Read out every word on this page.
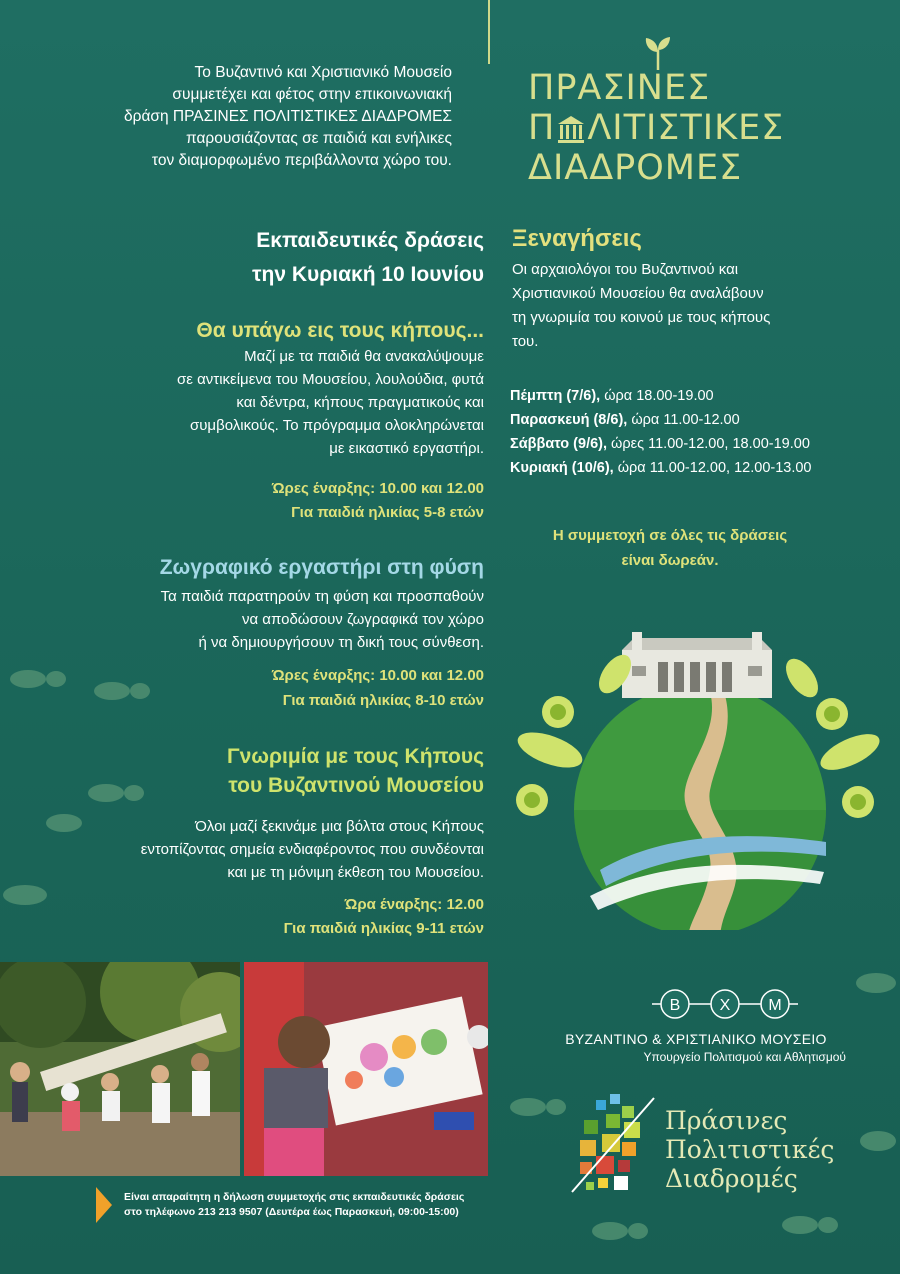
Το Βυζαντινό και Χριστιανικό Μουσείο
συμμετέχει και φέτος στην επικοινωνιακή
δράση ΠΡΑΣΙΝΕΣ ΠΟΛΙΤΙΣΤΙΚΕΣ ΔΙΑΔΡΟΜΕΣ
παρουσιάζοντας σε παιδιά και ενήλικες
τον διαμορφωμένο περιβάλλοντα χώρο του.
ΠΡΑΣΙΝΕΣ
Π ΛΙΤΙΣΤΙΚΕΣ
ΔΙΑΔΡΟΜΕΣ
Εκπαιδευτικές δράσεις
την Κυριακή 10 Ιουνίου
Θα υπάγω εις τους κήπους...
Μαζί με τα παιδιά θα ανακαλύψουμε
σε αντικείμενα του Μουσείου, λουλούδια, φυτά
και δέντρα, κήπους πραγματικούς και
συμβολικούς. Το πρόγραμμα ολοκληρώνεται
με εικαστικό εργαστήρι.
Ώρες έναρξης: 10.00 και 12.00
Για παιδιά ηλικίας 5-8 ετών
Ζωγραφικό εργαστήρι στη φύση
Τα παιδιά παρατηρούν τη φύση και προσπαθούν
να αποδώσουν ζωγραφικά τον χώρο
ή να δημιουργήσουν τη δική τους σύνθεση.
Ώρες έναρξης: 10.00 και 12.00
Για παιδιά ηλικίας 8-10 ετών
Γνωριμία με τους Κήπους
του Βυζαντινού Μουσείου
Όλοι μαζί ξεκινάμε μια βόλτα στους Κήπους
εντοπίζοντας σημεία ενδιαφέροντος που συνδέονται
και με τη μόνιμη έκθεση του Μουσείου.
Ώρα έναρξης: 12.00
Για παιδιά ηλικίας 9-11 ετών
Ξεναγήσεις
Οι αρχαιολόγοι του Βυζαντινού και
Χριστιανικού Μουσείου θα αναλάβουν
τη γνωριμία του κοινού με τους κήπους
του.
Πέμπτη (7/6), ώρα 18.00-19.00
Παρασκευή (8/6), ώρα 11.00-12.00
Σάββατο (9/6), ώρες 11.00-12.00, 18.00-19.00
Κυριακή (10/6), ώρα 11.00-12.00, 12.00-13.00
Η συμμετοχή σε όλες τις δράσεις
είναι δωρεάν.
Είναι απαραίτητη η δήλωση συμμετοχής στις εκπαιδευτικές δράσεις
στο τηλέφωνο 213 213 9507 (Δευτέρα έως Παρασκευή, 09:00-15:00)
Β Χ Μ
ΒΥΖΑΝΤΙΝΟ & ΧΡΙΣΤΙΑΝΙΚΟ ΜΟΥΣΕΙΟ
Υπουργείο Πολιτισμού και Αθλητισμού
Πράσινες
Πολιτιστικές
Διαδρομές
